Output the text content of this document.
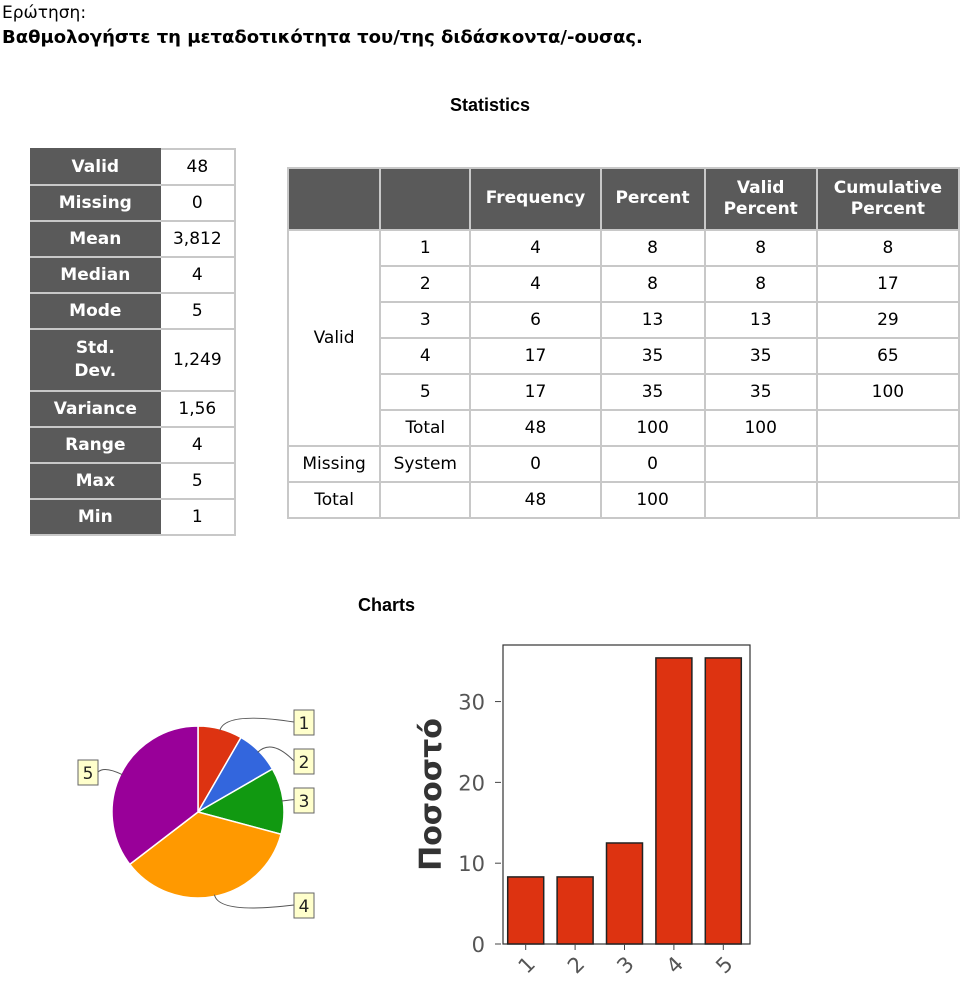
Ερώτηση:
Βαθμολογήστε τη μεταδοτικότητα του/της διδάσκοντα/-ουσας.
Statistics
Valid	48
Missing	0
Mean	3,812
Median	4
Mode	5
Std. Dev.	1,249
Variance	1,56
Range	4
Max	5
Min	1
		Frequency	Percent	Valid Percent	Cumulative Percent
Valid	1	4	8	8	8
	2	4	8	8	17
	3	6	13	13	29
	4	17	35	35	65
	5	17	35	35	100
	Total	48	100	100	
Missing	System	0	0		
Total		48	100		
Charts
1
2
3
4
5
0
10
20
30
Ποσοστό
1 2 3 4 5
